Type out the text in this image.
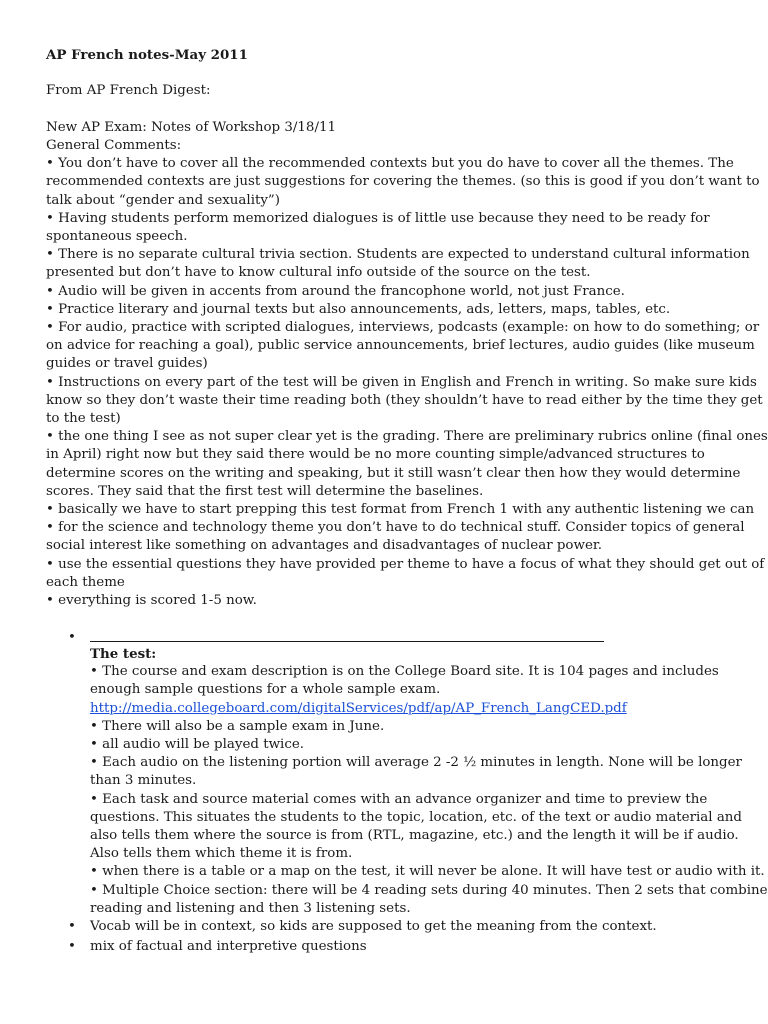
AP French notes-May 2011
From AP French Digest:
New AP Exam: Notes of Workshop 3/18/11
General Comments:
• You don’t have to cover all the recommended contexts but you do have to cover all the themes. The
recommended contexts are just suggestions for covering the themes. (so this is good if you don’t want to
talk about “gender and sexuality”)
• Having students perform memorized dialogues is of little use because they need to be ready for
spontaneous speech.
• There is no separate cultural trivia section. Students are expected to understand cultural information
presented but don’t have to know cultural info outside of the source on the test.
• Audio will be given in accents from around the francophone world, not just France.
• Practice literary and journal texts but also announcements, ads, letters, maps, tables, etc.
• For audio, practice with scripted dialogues, interviews, podcasts (example: on how to do something; or
on advice for reaching a goal), public service announcements, brief lectures, audio guides (like museum
guides or travel guides)
• Instructions on every part of the test will be given in English and French in writing. So make sure kids
know so they don’t waste their time reading both (they shouldn’t have to read either by the time they get
to the test)
• the one thing I see as not super clear yet is the grading. There are preliminary rubrics online (final ones
in April) right now but they said there would be no more counting simple/advanced structures to
determine scores on the writing and speaking, but it still wasn’t clear then how they would determine
scores. They said that the first test will determine the baselines.
• basically we have to start prepping this test format from French 1 with any authentic listening we can
• for the science and technology theme you don’t have to do technical stuff. Consider topics of general
social interest like something on advantages and disadvantages of nuclear power.
• use the essential questions they have provided per theme to have a focus of what they should get out of
each theme
• everything is scored 1-5 now.
•
The test:
• The course and exam description is on the College Board site. It is 104 pages and includes
enough sample questions for a whole sample exam.
http://media.collegeboard.com/digitalServices/pdf/ap/AP_French_LangCED.pdf
• There will also be a sample exam in June.
• all audio will be played twice.
• Each audio on the listening portion will average 2 -2 ½ minutes in length. None will be longer
than 3 minutes.
• Each task and source material comes with an advance organizer and time to preview the
questions. This situates the students to the topic, location, etc. of the text or audio material and
also tells them where the source is from (RTL, magazine, etc.) and the length it will be if audio.
Also tells them which theme it is from.
• when there is a table or a map on the test, it will never be alone. It will have test or audio with it.
• Multiple Choice section: there will be 4 reading sets during 40 minutes. Then 2 sets that combine
reading and listening and then 3 listening sets.
• Vocab will be in context, so kids are supposed to get the meaning from the context.
• mix of factual and interpretive questions
